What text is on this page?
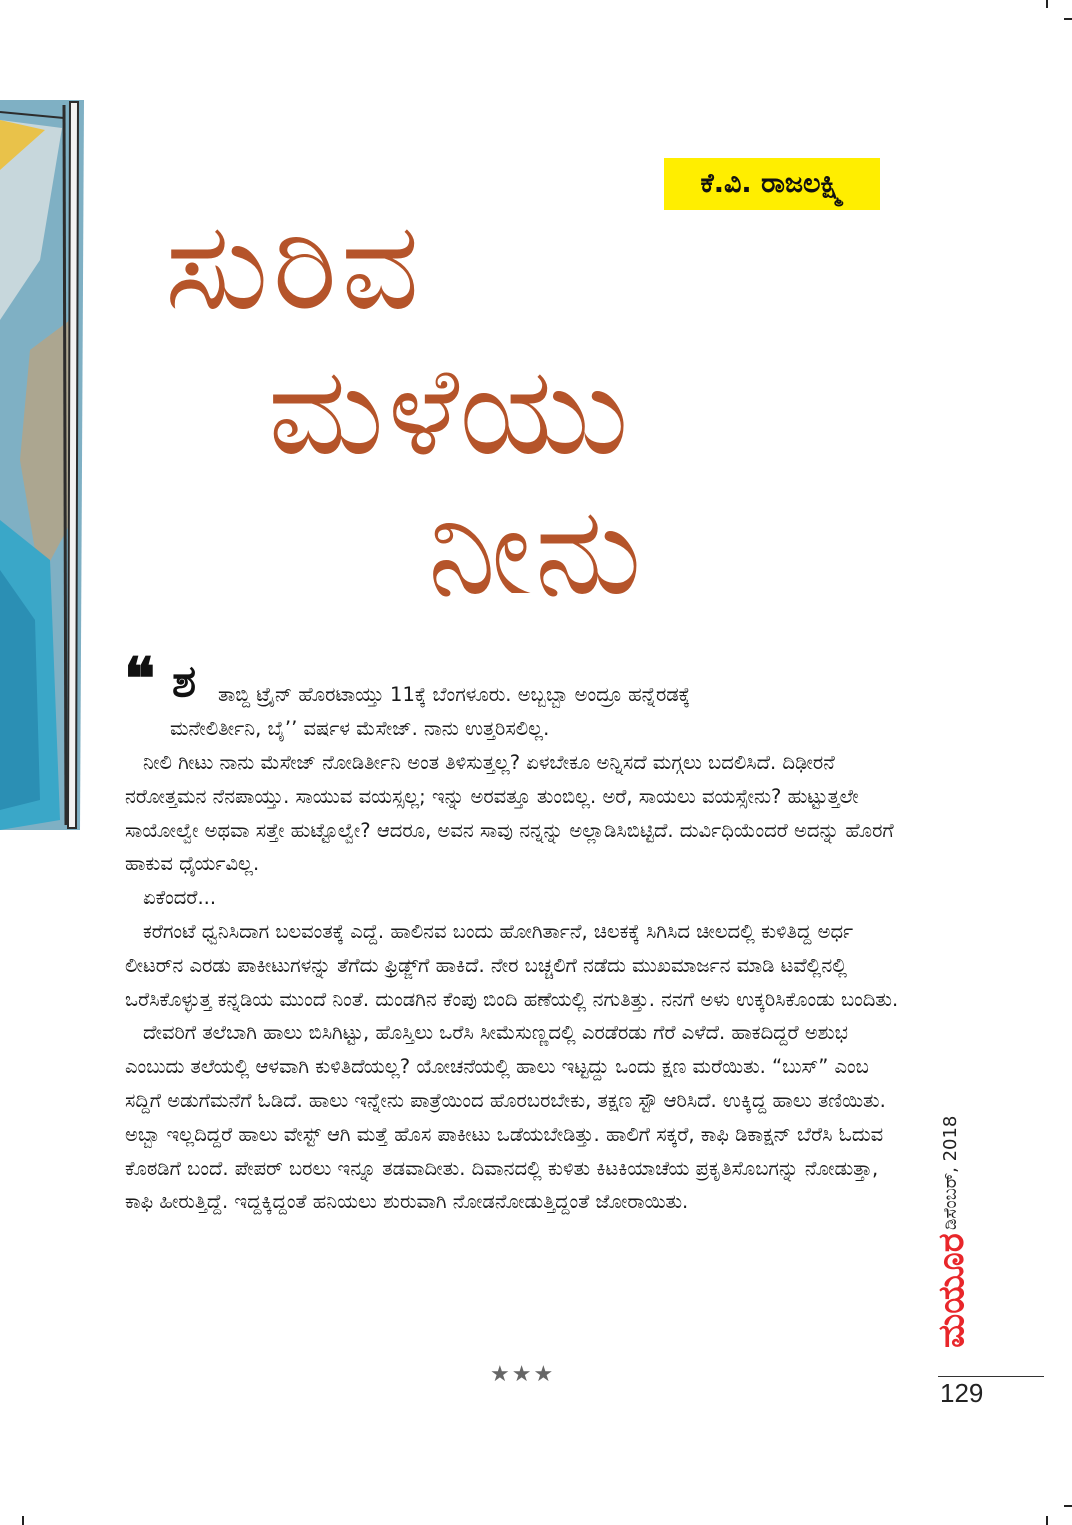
ಕೆ.ವಿ. ರಾಜಲಕ್ಷ್ಮಿ
ಸುರಿವ
ಮಳೆಯು
ನೀನು
❝ ಶ ತಾಬ್ದಿ ಟ್ರೈನ್ ಹೊರಟಾಯ್ತು 11ಕ್ಕೆ ಬೆಂಗಳೂರು. ಅಬ್ಬಬ್ಬಾ ಅಂದ್ರೂ ಹನ್ನೆರಡಕ್ಕೆ
ಮನೇಲಿರ್ತೀನಿ, ಬೈ’’ ವರ್ಷಳ ಮೆಸೇಜ್. ನಾನು ಉತ್ತರಿಸಲಿಲ್ಲ.

ನೀಲಿ ಗೀಟು ನಾನು ಮೆಸೇಜ್ ನೋಡಿರ್ತೀನಿ ಅಂತ ತಿಳಿಸುತ್ತಲ್ಲ? ಏಳಬೇಕೂ ಅನ್ನಿಸದೆ ಮಗ್ಗಲು ಬದಲಿಸಿದೆ. ದಿಢೀರನೆ ನರೋತ್ತಮನ ನೆನಪಾಯ್ತು. ಸಾಯುವ ವಯಸ್ಸಲ್ಲ; ಇನ್ನು ಅರವತ್ತೂ ತುಂಬಿಲ್ಲ. ಅರೆ, ಸಾಯಲು ವಯಸ್ಸೇನು? ಹುಟ್ಟುತ್ತಲೇ ಸಾಯೋಲ್ವೇ ಅಥವಾ ಸತ್ತೇ ಹುಟ್ಟೊಲ್ವೇ? ಆದರೂ, ಅವನ ಸಾವು ನನ್ನನ್ನು ಅಲ್ಲಾಡಿಸಿಬಿಟ್ಟಿದೆ. ದುರ್ವಿಧಿಯೆಂದರೆ ಅದನ್ನು ಹೊರಗೆ ಹಾಕುವ ಧೈರ್ಯವಿಲ್ಲ.

ಏಕೆಂದರೆ...

ಕರೆಗಂಟೆ ಧ್ವನಿಸಿದಾಗ ಬಲವಂತಕ್ಕೆ ಎದ್ದೆ. ಹಾಲಿನವ ಬಂದು ಹೋಗಿರ್ತಾನೆ, ಚಿಲಕಕ್ಕೆ ಸಿಗಿಸಿದ ಚೀಲದಲ್ಲಿ ಕುಳಿತಿದ್ದ ಅರ್ಧ ಲೀಟರ್‌ನ ಎರಡು ಪಾಕೀಟುಗಳನ್ನು ತೆಗೆದು ಫ್ರಿಡ್ಜ್‌ಗೆ ಹಾಕಿದೆ. ನೇರ ಬಚ್ಚಲಿಗೆ ನಡೆದು ಮುಖಮಾರ್ಜನ ಮಾಡಿ ಟವೆಲ್ಲಿನಲ್ಲಿ ಒರೆಸಿಕೊಳ್ಳುತ್ತ ಕನ್ನಡಿಯ ಮುಂದೆ ನಿಂತೆ. ದುಂಡಗಿನ ಕೆಂಪು ಬಿಂದಿ ಹಣೆಯಲ್ಲಿ ನಗುತಿತ್ತು. ನನಗೆ ಅಳು ಉಕ್ಕರಿಸಿಕೊಂಡು ಬಂದಿತು.

ದೇವರಿಗೆ ತಲೆಬಾಗಿ ಹಾಲು ಬಿಸಿಗಿಟ್ಟು, ಹೊಸ್ತಿಲು ಒರೆಸಿ ಸೀಮೆಸುಣ್ಣದಲ್ಲಿ ಎರಡೆರಡು ಗೆರೆ ಎಳೆದೆ. ಹಾಕದಿದ್ದರೆ ಅಶುಭ ಎಂಬುದು ತಲೆಯಲ್ಲಿ ಆಳವಾಗಿ ಕುಳಿತಿದೆಯಲ್ಲ? ಯೋಚನೆಯಲ್ಲಿ ಹಾಲು ಇಟ್ಟದ್ದು ಒಂದು ಕ್ಷಣ ಮರೆಯಿತು. “ಬುಸ್” ಎಂಬ ಸದ್ದಿಗೆ ಅಡುಗೆಮನೆಗೆ ಓಡಿದೆ. ಹಾಲು ಇನ್ನೇನು ಪಾತ್ರೆಯಿಂದ ಹೊರಬರಬೇಕು, ತಕ್ಷಣ ಸ್ಟೌ ಆರಿಸಿದೆ. ಉಕ್ಕಿದ್ದ ಹಾಲು ತಣಿಯಿತು. ಅಬ್ಬಾ ಇಲ್ಲದಿದ್ದರೆ ಹಾಲು ವೇಸ್ಟ್ ಆಗಿ ಮತ್ತೆ ಹೊಸ ಪಾಕೀಟು ಒಡೆಯಬೇಡಿತ್ತು. ಹಾಲಿಗೆ ಸಕ್ಕರೆ, ಕಾಫಿ ಡಿಕಾಕ್ಷನ್ ಬೆರೆಸಿ ಓದುವ ಕೊಠಡಿಗೆ ಬಂದೆ. ಪೇಪರ್ ಬರಲು ಇನ್ನೂ ತಡವಾದೀತು. ದಿವಾನದಲ್ಲಿ ಕುಳಿತು ಕಿಟಕಿಯಾಚೆಯ ಪ್ರಕೃತಿಸೊಬಗನ್ನು ನೋಡುತ್ತಾ, ಕಾಫಿ ಹೀರುತ್ತಿದ್ದೆ. ಇದ್ದಕ್ಕಿದ್ದಂತೆ ಹನಿಯಲು ಶುರುವಾಗಿ ನೋಡನೋಡುತ್ತಿದ್ದಂತೆ ಜೋರಾಯಿತು.

★★★
ಡಿಸೆಂಬರ್, 2018
ಮಯೂರ
129
